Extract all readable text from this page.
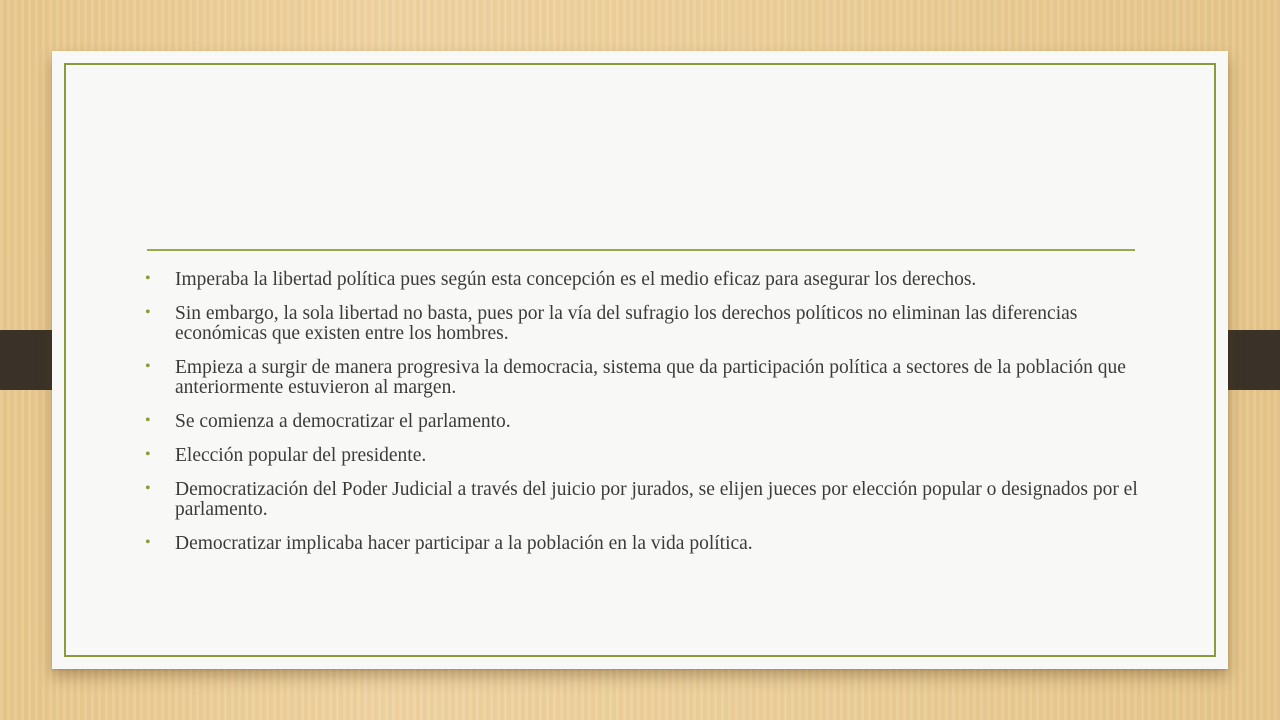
• Imperaba la libertad política pues según esta concepción es el medio eficaz para asegurar los derechos.
• Sin embargo, la sola libertad no basta, pues por la vía del sufragio los derechos políticos no eliminan las diferencias económicas que existen entre los hombres.
• Empieza a surgir de manera progresiva la democracia, sistema que da participación política a sectores de la población que anteriormente estuvieron al margen.
• Se comienza a democratizar el parlamento.
• Elección popular del presidente.
• Democratización del Poder Judicial a través del juicio por jurados, se elijen jueces por elección popular o designados por el parlamento.
• Democratizar implicaba hacer participar a la población en la vida política.
